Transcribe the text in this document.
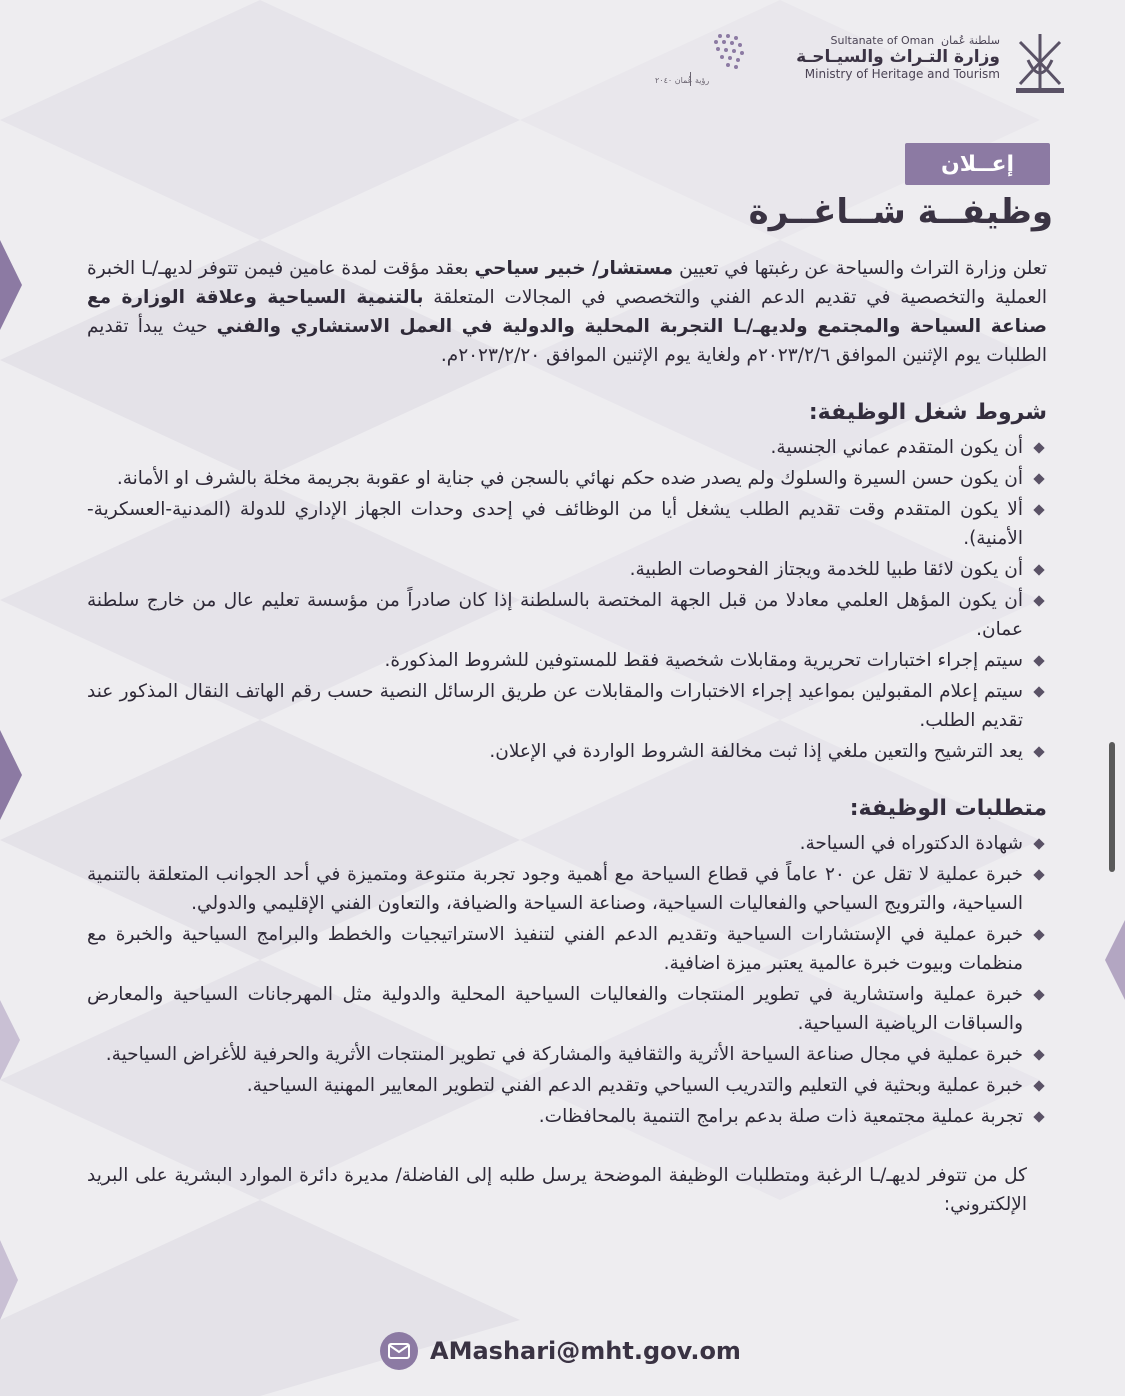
Sultanate of Oman سلطنة عُمان
وزارة التـراث والسيـاحـة
Ministry of Heritage and Tourism
رؤية عُمان ٢٠٤٠
إعــلان
وظيفــة شــاغــرة

تعلن وزارة التراث والسياحة عن رغبتها في تعيين مستشار/ خبير سياحي بعقد مؤقت لمدة عامين فيمن تتوفر لديهـ/ـا الخبرة العملية والتخصصية في تقديم الدعم الفني والتخصصي في المجالات المتعلقة بالتنمية السياحية وعلاقة الوزارة مع صناعة السياحة والمجتمع ولديهـ/ـا التجربة المحلية والدولية في العمل الاستشاري والفني حيث يبدأ تقديم الطلبات يوم الإثنين الموافق ٢٠٢٣/٢/٦م ولغاية يوم الإثنين الموافق ٢٠٢٣/٢/٢٠م.

شروط شغل الوظيفة:
أن يكون المتقدم عماني الجنسية.
أن يكون حسن السيرة والسلوك ولم يصدر ضده حكم نهائي بالسجن في جناية او عقوبة بجريمة مخلة بالشرف او الأمانة.
ألا يكون المتقدم وقت تقديم الطلب يشغل أيا من الوظائف في إحدى وحدات الجهاز الإداري للدولة (المدنية-العسكرية-الأمنية).
أن يكون لائقا طبيا للخدمة ويجتاز الفحوصات الطبية.
أن يكون المؤهل العلمي معادلا من قبل الجهة المختصة بالسلطنة إذا كان صادراً من مؤسسة تعليم عال من خارج سلطنة عمان.
سيتم إجراء اختبارات تحريرية ومقابلات شخصية فقط للمستوفين للشروط المذكورة.
سيتم إعلام المقبولين بمواعيد إجراء الاختبارات والمقابلات عن طريق الرسائل النصية حسب رقم الهاتف النقال المذكور عند تقديم الطلب.
يعد الترشيح والتعين ملغي إذا ثبت مخالفة الشروط الواردة في الإعلان.
متطلبات الوظيفة:
شهادة الدكتوراه في السياحة.
خبرة عملية لا تقل عن ٢٠ عاماً في قطاع السياحة مع أهمية وجود تجربة متنوعة ومتميزة في أحد الجوانب المتعلقة بالتنمية السياحية، والترويج السياحي والفعاليات السياحية، وصناعة السياحة والضيافة، والتعاون الفني الإقليمي والدولي.
خبرة عملية في الإستشارات السياحية وتقديم الدعم الفني لتنفيذ الاستراتيجيات والخطط والبرامج السياحية والخبرة مع منظمات وبيوت خبرة عالمية يعتبر ميزة اضافية.
خبرة عملية واستشارية في تطوير المنتجات والفعاليات السياحية المحلية والدولية مثل المهرجانات السياحية والمعارض والسباقات الرياضية السياحية.
خبرة عملية في مجال صناعة السياحة الأثرية والثقافية والمشاركة في تطوير المنتجات الأثرية والحرفية للأغراض السياحية.
خبرة عملية وبحثية في التعليم والتدريب السياحي وتقديم الدعم الفني لتطوير المعايير المهنية السياحية.
تجربة عملية مجتمعية ذات صلة بدعم برامج التنمية بالمحافظات.

كل من تتوفر لديهـ/ـا الرغبة ومتطلبات الوظيفة الموضحة يرسل طلبه إلى الفاضلة/ مديرة دائرة الموارد البشرية على البريد الإلكتروني:

AMashari@mht.gov.om
